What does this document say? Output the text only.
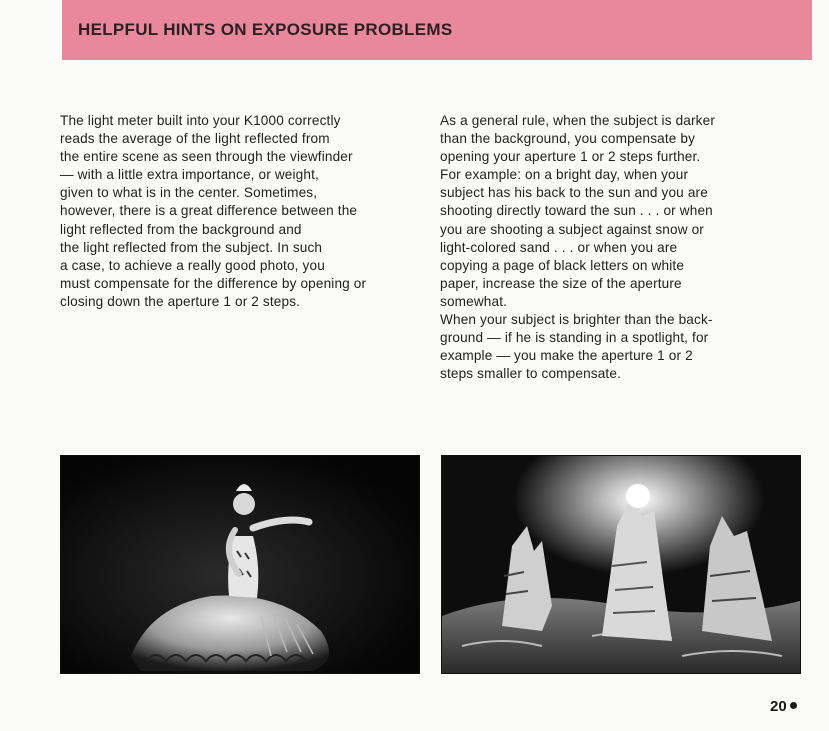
HELPFUL HINTS ON EXPOSURE PROBLEMS

The light meter built into your K1000 correctly
reads the average of the light reflected from
the entire scene as seen through the viewfinder
— with a little extra importance, or weight,
given to what is in the center. Sometimes,
however, there is a great difference between the
light reflected from the background and
the light reflected from the subject. In such
a case, to achieve a really good photo, you
must compensate for the difference by opening or
closing down the aperture 1 or 2 steps.

As a general rule, when the subject is darker
than the background, you compensate by
opening your aperture 1 or 2 steps further.
For example: on a bright day, when your
subject has his back to the sun and you are
shooting directly toward the sun . . . or when
you are shooting a subject against snow or
light-colored sand . . . or when you are
copying a page of black letters on white
paper, increase the size of the aperture
somewhat.
When your subject is brighter than the back-
ground — if he is standing in a spotlight, for
example — you make the aperture 1 or 2
steps smaller to compensate.

20
